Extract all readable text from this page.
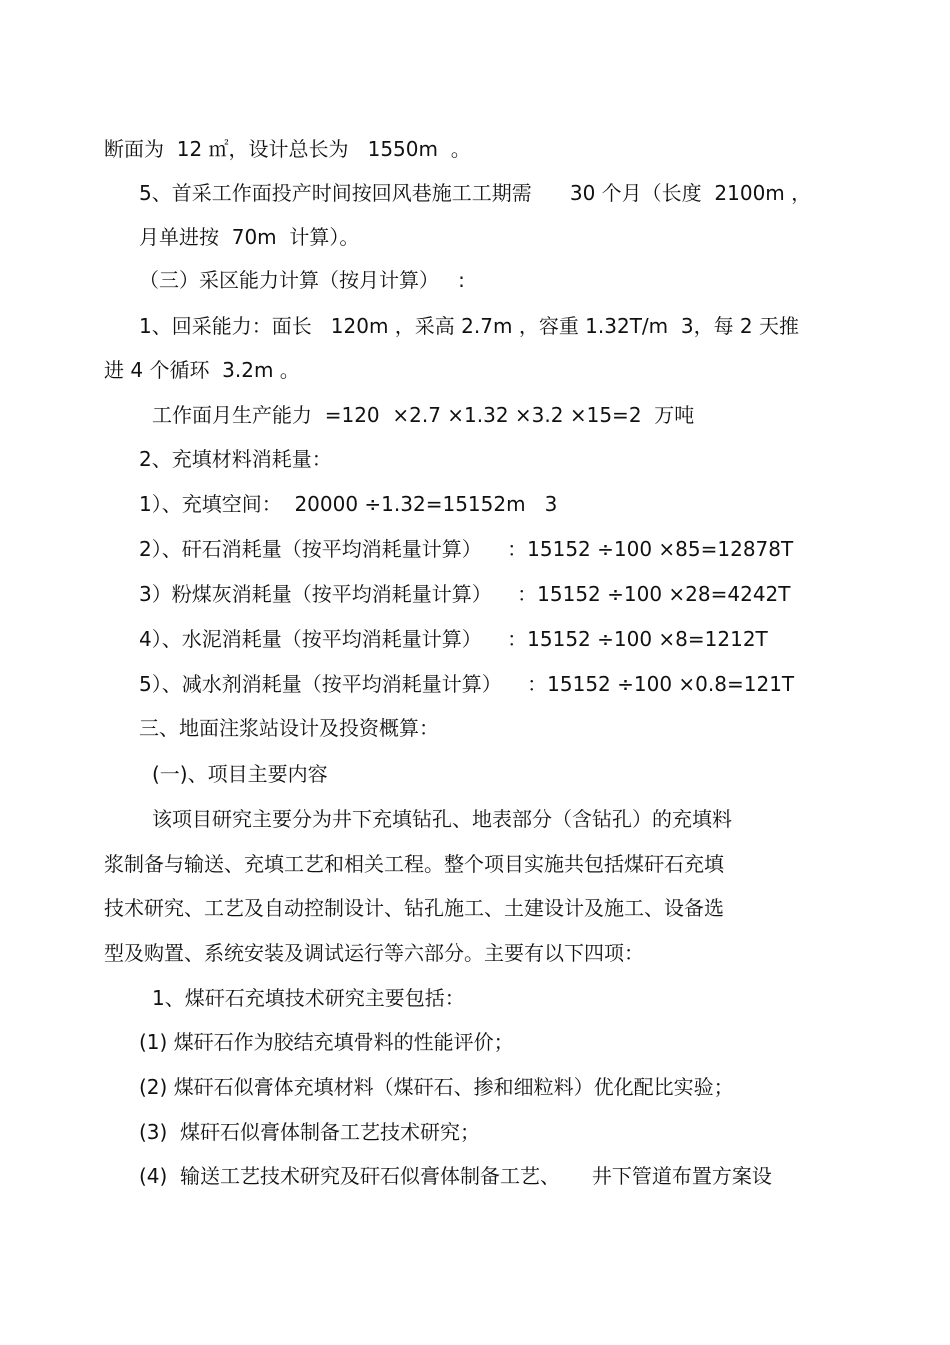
断面为  12 ㎡，设计总长为   1550m  。
5、首采工作面投产时间按回风巷施工工期需      30 个月（长度  2100m ，
月单进按  70m  计算）。
（三）采区能力计算（按月计算）   :
1、回采能力：面长   120m ，采高 2.7m ，容重 1.32T/m  3，每 2 天推
进 4 个循环  3.2m 。
工作面月生产能力  =120  ×2.7 ×1.32 ×3.2 ×15=2  万吨
2、充填材料消耗量：
1）、充填空间：  20000 ÷1.32=15152m   3
2）、矸石消耗量（按平均消耗量计算）    ：15152 ÷100 ×85=12878T
3）粉煤灰消耗量（按平均消耗量计算）    ：15152 ÷100 ×28=4242T
4）、水泥消耗量（按平均消耗量计算）    ：15152 ÷100 ×8=1212T
5）、减水剂消耗量（按平均消耗量计算）    ：15152 ÷100 ×0.8=121T
三、地面注浆站设计及投资概算：
(一)、项目主要内容
该项目研究主要分为井下充填钻孔、地表部分（含钻孔）的充填料
浆制备与输送、充填工艺和相关工程。整个项目实施共包括煤矸石充填
技术研究、工艺及自动控制设计、钻孔施工、土建设计及施工、设备选
型及购置、系统安装及调试运行等六部分。主要有以下四项：
1、煤矸石充填技术研究主要包括：
(1) 煤矸石作为胶结充填骨料的性能评价；
(2) 煤矸石似膏体充填材料（煤矸石、掺和细粒料）优化配比实验；
(3)  煤矸石似膏体制备工艺技术研究；
(4)  输送工艺技术研究及矸石似膏体制备工艺、     井下管道布置方案设
